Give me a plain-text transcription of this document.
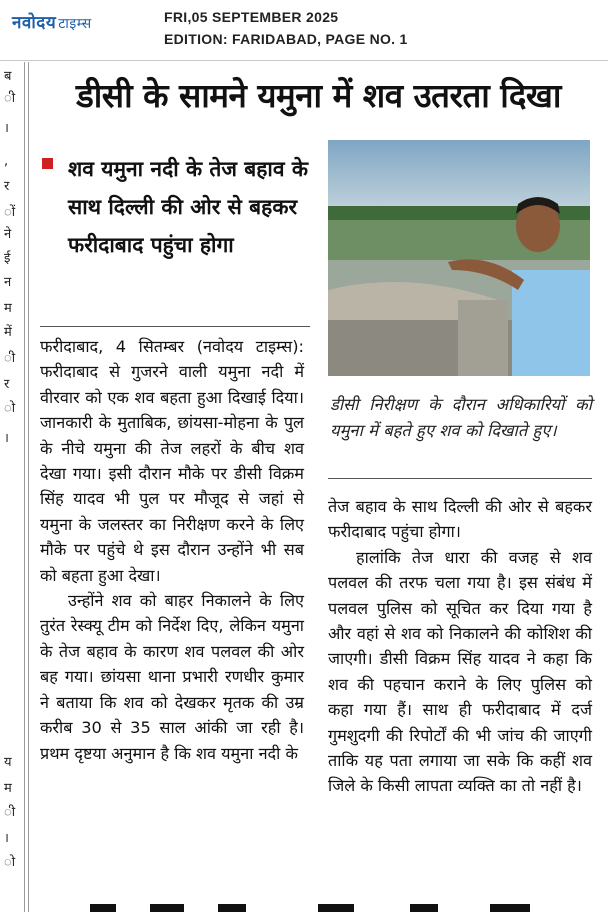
नवोदय टाइम्स	FRI,05 SEPTEMBER 2025
EDITION: FARIDABAD, PAGE NO. 1
ब
ी
।
,
र
ों
ने
ई
न
म
में
ी
र
ो
।
य
म
ी
।
ो
डीसी के सामने यमुना में शव उतरता दिखा
शव यमुना नदी के तेज बहाव के साथ दिल्ली की ओर से बहकर फरीदाबाद पहुंचा होगा

फरीदाबाद, 4 सितम्बर (नवोदय टाइम्स): फरीदाबाद से गुजरने वाली यमुना नदी में वीरवार को एक शव बहता हुआ दिखाई दिया। जानकारी के मुताबिक, छांयसा-मोहना के पुल के नीचे यमुना की तेज लहरों के बीच शव देखा गया। इसी दौरान मौके पर डीसी विक्रम सिंह यादव भी पुल पर मौजूद से जहां से यमुना के जलस्तर का निरीक्षण करने के लिए मौके पर पहुंचे थे इस दौरान उन्होंने भी सब को बहता हुआ देखा।

उन्होंने शव को बाहर निकालने के लिए तुरंत रेस्क्यू टीम को निर्देश दिए, लेकिन यमुना के तेज बहाव के कारण शव पलवल की ओर बह गया। छांयसा थाना प्रभारी रणधीर कुमार ने बताया कि शव को देखकर मृतक की उम्र करीब 30 से 35 साल आंकी जा रही है। प्रथम दृष्टया अनुमान है कि शव यमुना नदी के

डीसी निरीक्षण के दौरान अधिकारियों को यमुना में बहते हुए शव को दिखाते हुए।

तेज बहाव के साथ दिल्ली की ओर से बहकर फरीदाबाद पहुंचा होगा।

हालांकि तेज धारा की वजह से शव पलवल की तरफ चला गया है। इस संबंध में पलवल पुलिस को सूचित कर दिया गया है और वहां से शव को निकालने की कोशिश की जाएगी। डीसी विक्रम सिंह यादव ने कहा कि शव की पहचान कराने के लिए पुलिस को कहा गया हैं। साथ ही फरीदाबाद में दर्ज गुमशुदगी की रिपोर्टों की भी जांच की जाएगी ताकि यह पता लगाया जा सके कि कहीं शव जिले के किसी लापता व्यक्ति का तो नहीं है।
